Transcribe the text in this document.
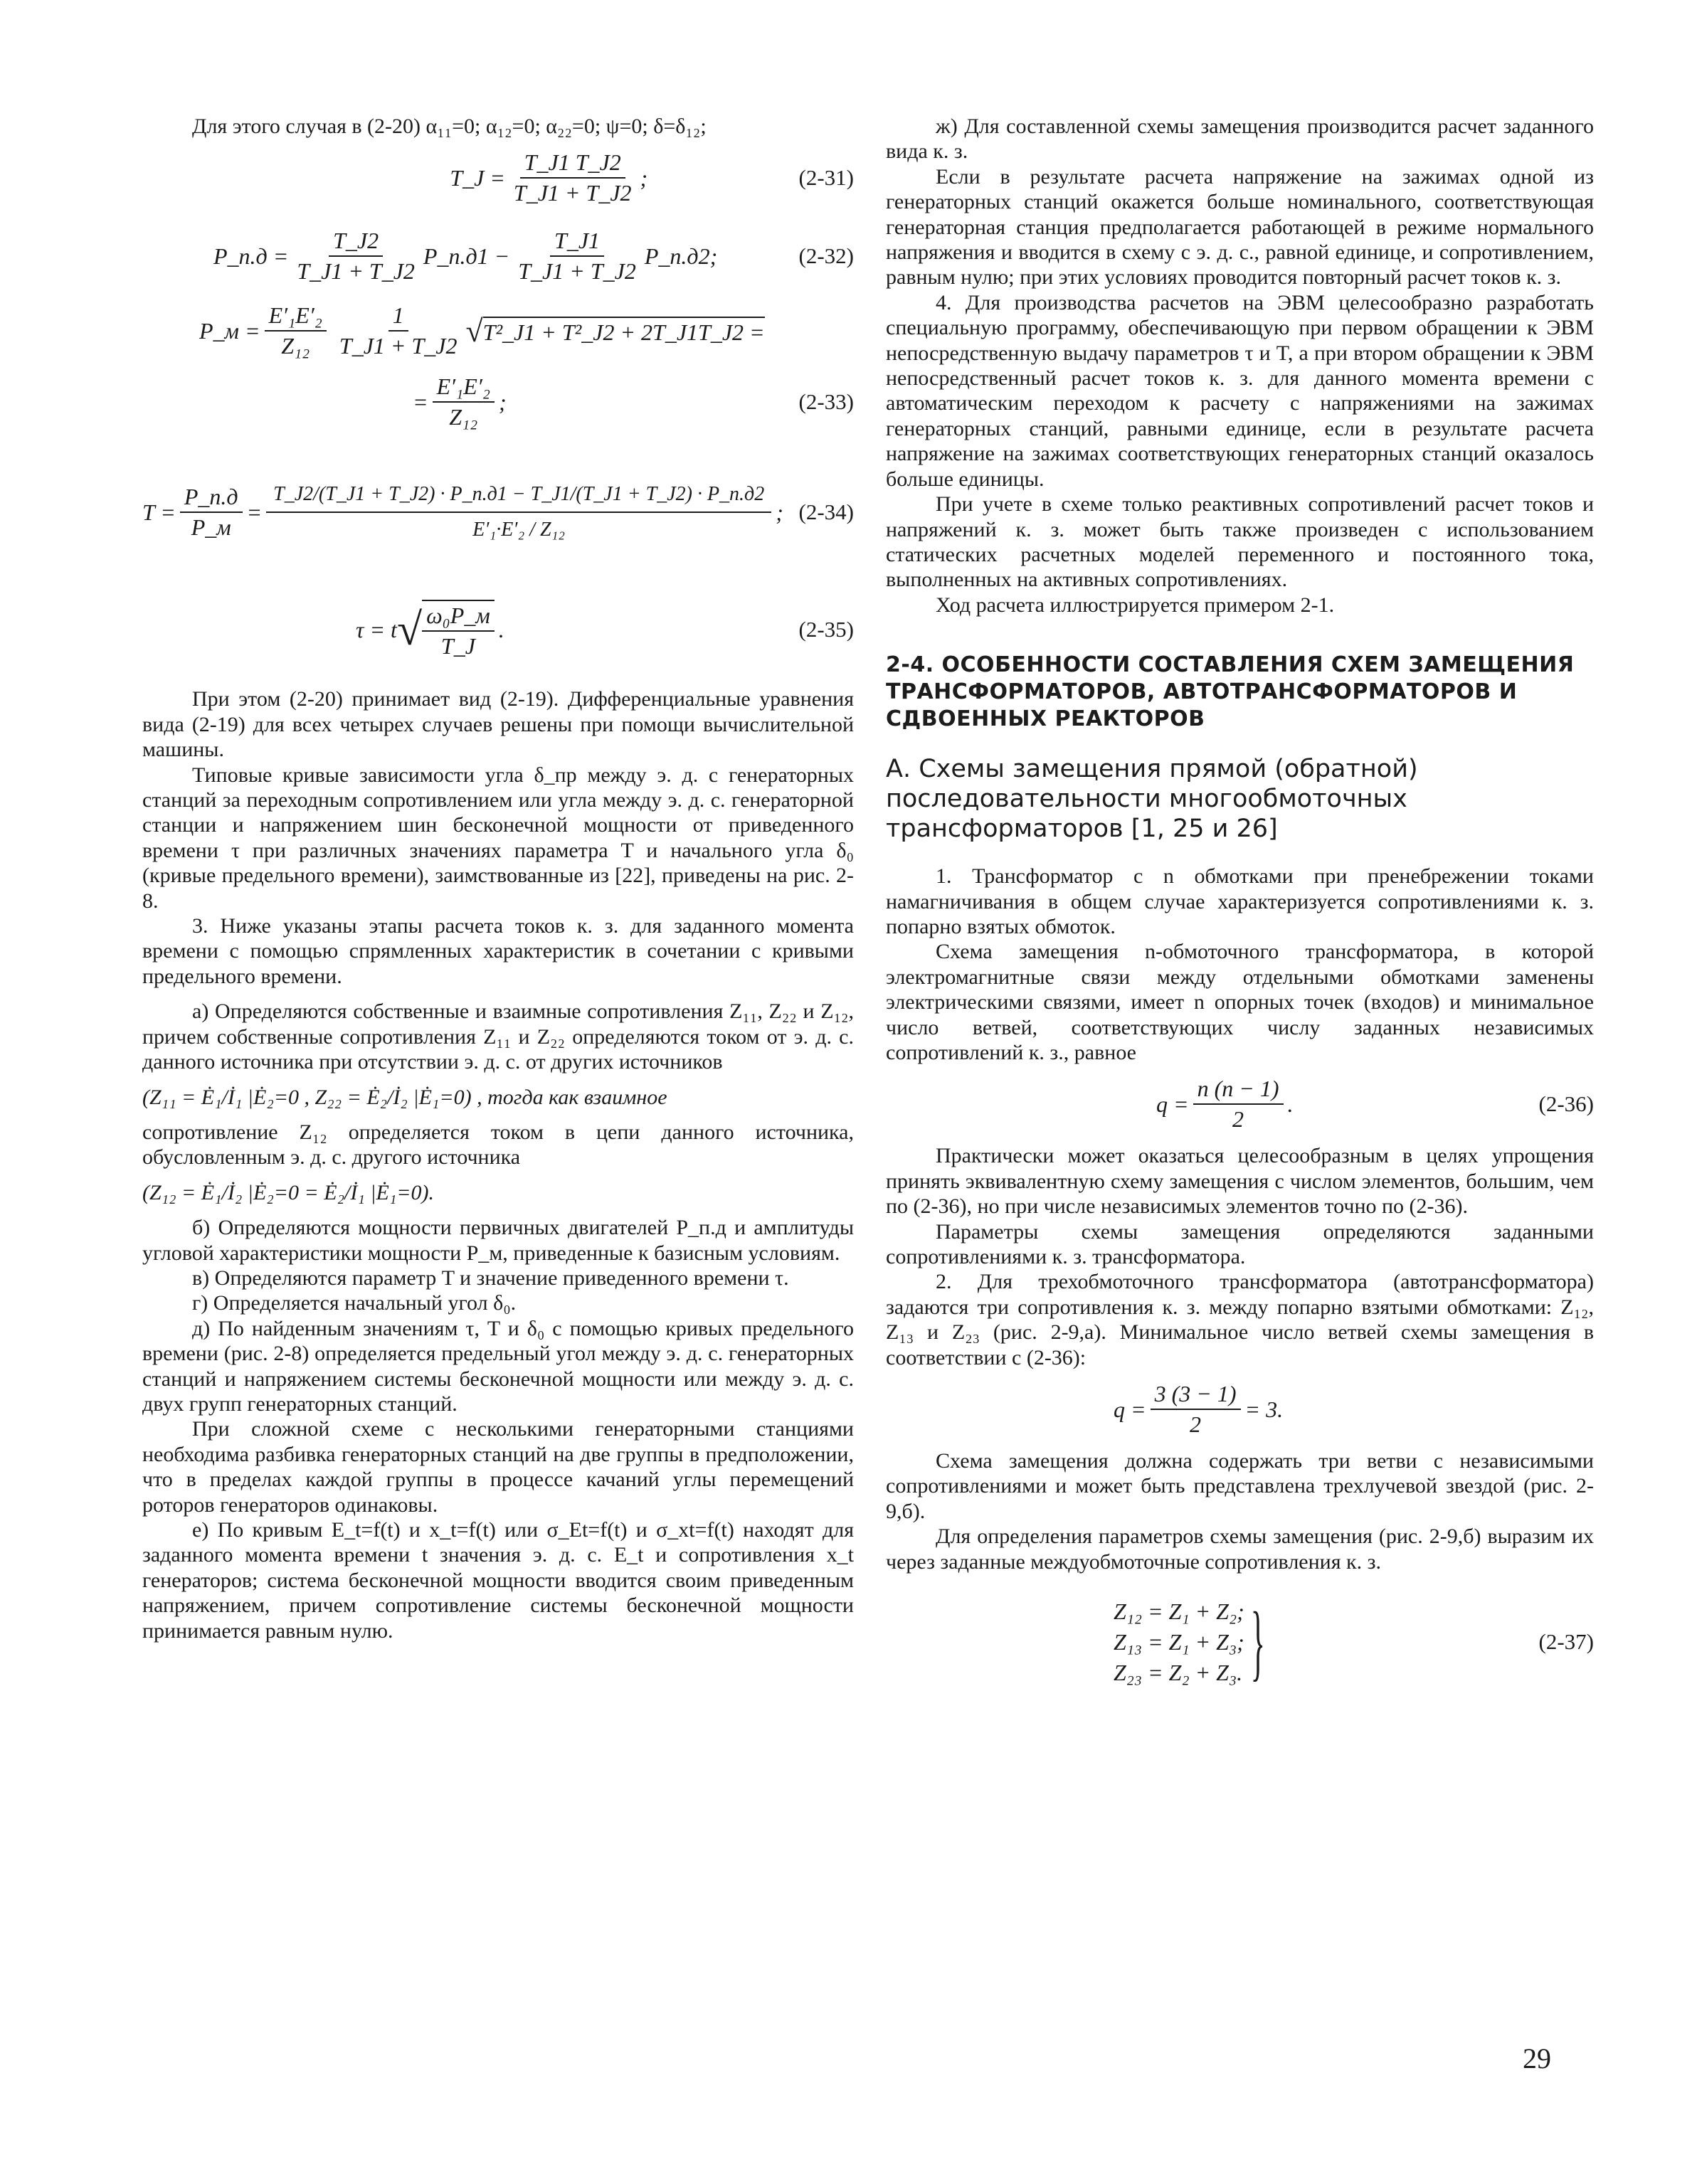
Для этого случая в (2-20) α₁₁=0; α₁₂=0; α₂₂=0; ψ=0; δ=δ₁₂;

T_J = $\frac{T\_J1 T\_J2}{T\_J1 + T\_J2}$ ;	(2-31)
P_п.д = $\frac{T\_J2}{T\_J1 + T\_J2}$ P_п.д1 − $\frac{T\_J1}{T\_J1 + T\_J2}$ P_п.д2;	(2-32)
P_м = $\frac{\text{E′₁E′₂}}{\text{Z₁₂}} \frac{1}{T\_J1 + T\_J2}$ √ T²_J1 + T²_J2 + 2T_J1T_J2 =
= $\frac{\text{E′₁E′₂}}{\text{Z₁₂}}$ ;	(2-33)
$T = \frac{P\_п.д}{P\_м} = \frac{T\_J2/(T\_J1 + T\_J2) \cdot P\_п.д1 - T\_J1/(T\_J1 + T\_J2) \cdot P\_п.д2}{\text{E′₁·E′₂ / Z₁₂}}$ ; (2-34)
τ = t √ $\frac{\text{ω₀P\_м}}{T\_J}$ .	(2-35)

При этом (2-20) принимает вид (2-19). Дифференциальные уравнения вида (2-19) для всех четырех случаев решены при помощи вычислительной машины.

Типовые кривые зависимости угла δ_пр между э. д. с генераторных станций за переходным сопротивлением или угла между э. д. с. генераторной станции и напряжением шин бесконечной мощности от приведенного времени τ при различных значениях параметра T и начального угла δ₀ (кривые предельного времени), заимствованные из [22], приведены на рис. 2-8.

3. Ниже указаны этапы расчета токов к. з. для заданного момента времени с помощью спрямленных характеристик в сочетании с кривыми предельного времени.

а) Определяются собственные и взаимные сопротивления Z₁₁, Z₂₂ и Z₁₂, причем собственные сопротивления Z₁₁ и Z₂₂ определяются током от э. д. с. данного источника при отсутствии э. д. с. от других источников

(Z₁₁ = Ė₁/İ₁ |Ė₂=0 , Z₂₂ = Ė₂/İ₂ |Ė₁=0) , тогда как взаимное

сопротивление Z₁₂ определяется током в цепи данного источника, обусловленным э. д. с. другого источника

(Z₁₂ = Ė₁/İ₂ |Ė₂=0 = Ė₂/İ₁ |Ė₁=0).

б) Определяются мощности первичных двигателей P_п.д и амплитуды угловой характеристики мощности P_м, приведенные к базисным условиям.

в) Определяются параметр T и значение приведенного времени τ.

г) Определяется начальный угол δ₀.

д) По найденным значениям τ, T и δ₀ с помощью кривых предельного времени (рис. 2-8) определяется предельный угол между э. д. с. генераторных станций и напряжением системы бесконечной мощности или между э. д. с. двух групп генераторных станций.

При сложной схеме с несколькими генераторными станциями необходима разбивка генераторных станций на две группы в предположении, что в пределах каждой группы в процессе качаний углы перемещений роторов генераторов одинаковы.

е) По кривым E_t=f(t) и x_t=f(t) или σ_Et=f(t) и σ_xt=f(t) находят для заданного момента времени t значения э. д. с. E_t и сопротивления x_t генераторов; система бесконечной мощности вводится своим приведенным напряжением, причем сопротивление системы бесконечной мощности принимается равным нулю.

ж) Для составленной схемы замещения производится расчет заданного вида к. з.

Если в результате расчета напряжение на зажимах одной из генераторных станций окажется больше номинального, соответствующая генераторная станция предполагается работающей в режиме нормального напряжения и вводится в схему с э. д. с., равной единице, и сопротивлением, равным нулю; при этих условиях проводится повторный расчет токов к. з.

4. Для производства расчетов на ЭВМ целесообразно разработать специальную программу, обеспечивающую при первом обращении к ЭВМ непосредственную выдачу параметров τ и T, а при втором обращении к ЭВМ непосредственный расчет токов к. з. для данного момента времени с автоматическим переходом к расчету с напряжениями на зажимах генераторных станций, равными единице, если в результате расчета напряжение на зажимах соответствующих генераторных станций оказалось больше единицы.

При учете в схеме только реактивных сопротивлений расчет токов и напряжений к. з. может быть также произведен с использованием статических расчетных моделей переменного и постоянного тока, выполненных на активных сопротивлениях.

Ход расчета иллюстрируется примером 2-1.

2-4. ОСОБЕННОСТИ СОСТАВЛЕНИЯ СХЕМ ЗАМЕЩЕНИЯ ТРАНСФОРМАТОРОВ, АВТОТРАНСФОРМАТОРОВ И СДВОЕННЫХ РЕАКТОРОВ
А. Схемы замещения прямой (обратной) последовательности многообмоточных трансформаторов [1, 25 и 26]

1. Трансформатор с n обмотками при пренебрежении токами намагничивания в общем случае характеризуется сопротивлениями к. з. попарно взятых обмоток.

Схема замещения n-обмоточного трансформатора, в которой электромагнитные связи между отдельными обмотками заменены электрическими связями, имеет n опорных точек (входов) и минимальное число ветвей, соответствующих числу заданных независимых сопротивлений к. з., равное

$q = \frac{n (n - 1)}{2}$ .	(2-36)

Практически может оказаться целесообразным в целях упрощения принять эквивалентную схему замещения с числом элементов, большим, чем по (2-36), но при числе независимых элементов точно по (2-36).

Параметры схемы замещения определяются заданными сопротивлениями к. з. трансформатора.

2. Для трехобмоточного трансформатора (автотрансформатора) задаются три сопротивления к. з. между попарно взятыми обмотками: Z₁₂, Z₁₃ и Z₂₃ (рис. 2-9,а). Минимальное число ветвей схемы замещения в соответствии с (2-36):

$q = \frac{3 (3 - 1)}{2} = 3$.

Схема замещения должна содержать три ветви с независимыми сопротивлениями и может быть представлена трехлучевой звездой (рис. 2-9,б).

Для определения параметров схемы замещения (рис. 2-9,б) выразим их через заданные междуобмоточные сопротивления к. з.

Z₁₂ = Z₁ + Z₂;
Z₁₃ = Z₁ + Z₃;
Z₂₃ = Z₂ + Z₃. }	(2-37)
29
